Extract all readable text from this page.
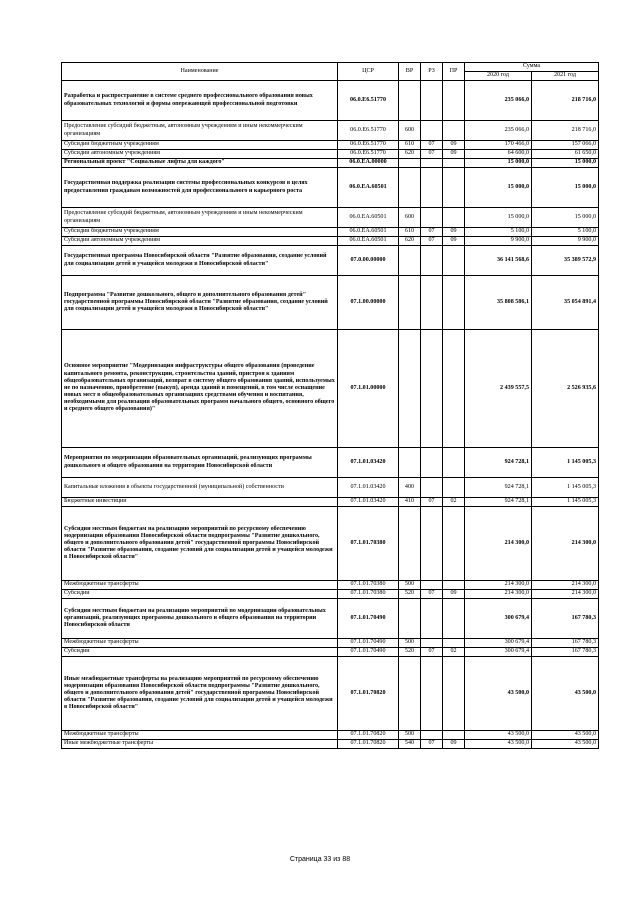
Наименование	ЦСР	ВР	РЗ	ПР	Сумма	
					2020 год	2021 год
Разработка и распространение в системе среднего профессионального образования новых образовательных технологий и формы опережающей профессиональной подготовки	06.0.E6.51770				235 066,0	218 716,0
Предоставление субсидий бюджетным, автономным учреждениям и иным некоммерческим организациям	06.0.E6.51770	600			235 066,0	218 716,0
Субсидии бюджетным учреждениям	06.0.E6.51770	610	07	09	170 466,0	157 066,0
Субсидии автономным учреждениям	06.0.E6.51770	620	07	09	64 600,0	61 650,0
Региональный проект "Социальные лифты для каждого"	06.0.EA.00000				15 000,0	15 000,0
Государственная поддержка реализации системы профессиональных конкурсов в целях предоставления гражданам возможностей для профессионального и карьерного роста	06.0.EA.60501				15 000,0	15 000,0
Предоставление субсидий бюджетным, автономным учреждениям и иным некоммерческим организациям	06.0.EA.60501	600			15 000,0	15 000,0
Субсидии бюджетным учреждениям	06.0.EA.60501	610	07	09	5 100,0	5 100,0
Субсидии автономным учреждениям	06.0.EA.60501	620	07	09	9 900,0	9 900,0
Государственная программа Новосибирской области "Развитие образования, создание условий для социализации детей и учащейся молодежи в Новосибирской области"	07.0.00.00000				36 141 568,6	35 389 572,9
Подпрограмма "Развитие дошкольного, общего и дополнительного образования детей" государственной программы Новосибирской области "Развитие образования, создание условий для социализации детей и учащейся молодежи в Новосибирской области"	07.1.00.00000				35 808 586,1	35 054 891,4
Основное мероприятие "Модернизация инфраструктуры общего образования (проведение капитального ремонта, реконструкции, строительства зданий, пристроя к зданиям общеобразовательных организаций, возврат в систему общего образования зданий, используемых не по назначению, приобретение (выкуп), аренда зданий и помещений, в том числе оснащение новых мест в общеобразовательных организациях средствами обучения и воспитания, необходимыми для реализации образовательных программ начального общего, основного общего и среднего общего образования)"	07.1.01.00000				2 439 557,5	2 526 935,6
Мероприятия по модернизации образовательных организаций, реализующих программы дошкольного и общего образования на территории Новосибирской области	07.1.01.03420				924 728,1	1 145 005,3
Капитальные вложения в объекты государственной (муниципальной) собственности	07.1.01.03420	400			924 728,1	1 145 005,3
Бюджетные инвестиции	07.1.01.03420	410	07	02	924 728,1	1 145 005,3
Субсидии местным бюджетам на реализацию мероприятий по ресурсному обеспечению модернизации образования Новосибирской области подпрограммы "Развитие дошкольного, общего и дополнительного образования детей" государственной программы Новосибирской области "Развитие образования, создание условий для социализации детей и учащейся молодежи в Новосибирской области"	07.1.01.70380				214 300,0	214 300,0
Межбюджетные трансферты	07.1.01.70380	500			214 300,0	214 300,0
Субсидии	07.1.01.70380	520	07	09	214 300,0	214 300,0
Субсидии местным бюджетам на реализацию мероприятий по модернизации образовательных организаций, реализующих программы дошкольного и общего образования на территории Новосибирской области	07.1.01.70490				300 679,4	167 780,3
Межбюджетные трансферты	07.1.01.70490	500			300 679,4	167 780,3
Субсидии	07.1.01.70490	520	07	02	300 679,4	167 780,3
Иные межбюджетные трансферты на реализацию мероприятий по ресурсному обеспечению модернизации образования Новосибирской области подпрограммы "Развитие дошкольного, общего и дополнительного образования детей" государственной программы Новосибирской области "Развитие образования, создание условий для социализации детей и учащейся молодежи в Новосибирской области"	07.1.01.70820				43 500,0	43 500,0
Межбюджетные трансферты	07.1.01.70820	500			43 500,0	43 500,0
Иные межбюджетные трансферты	07.1.01.70820	540	07	09	43 500,0	43 500,0
Страница 33 из 88
